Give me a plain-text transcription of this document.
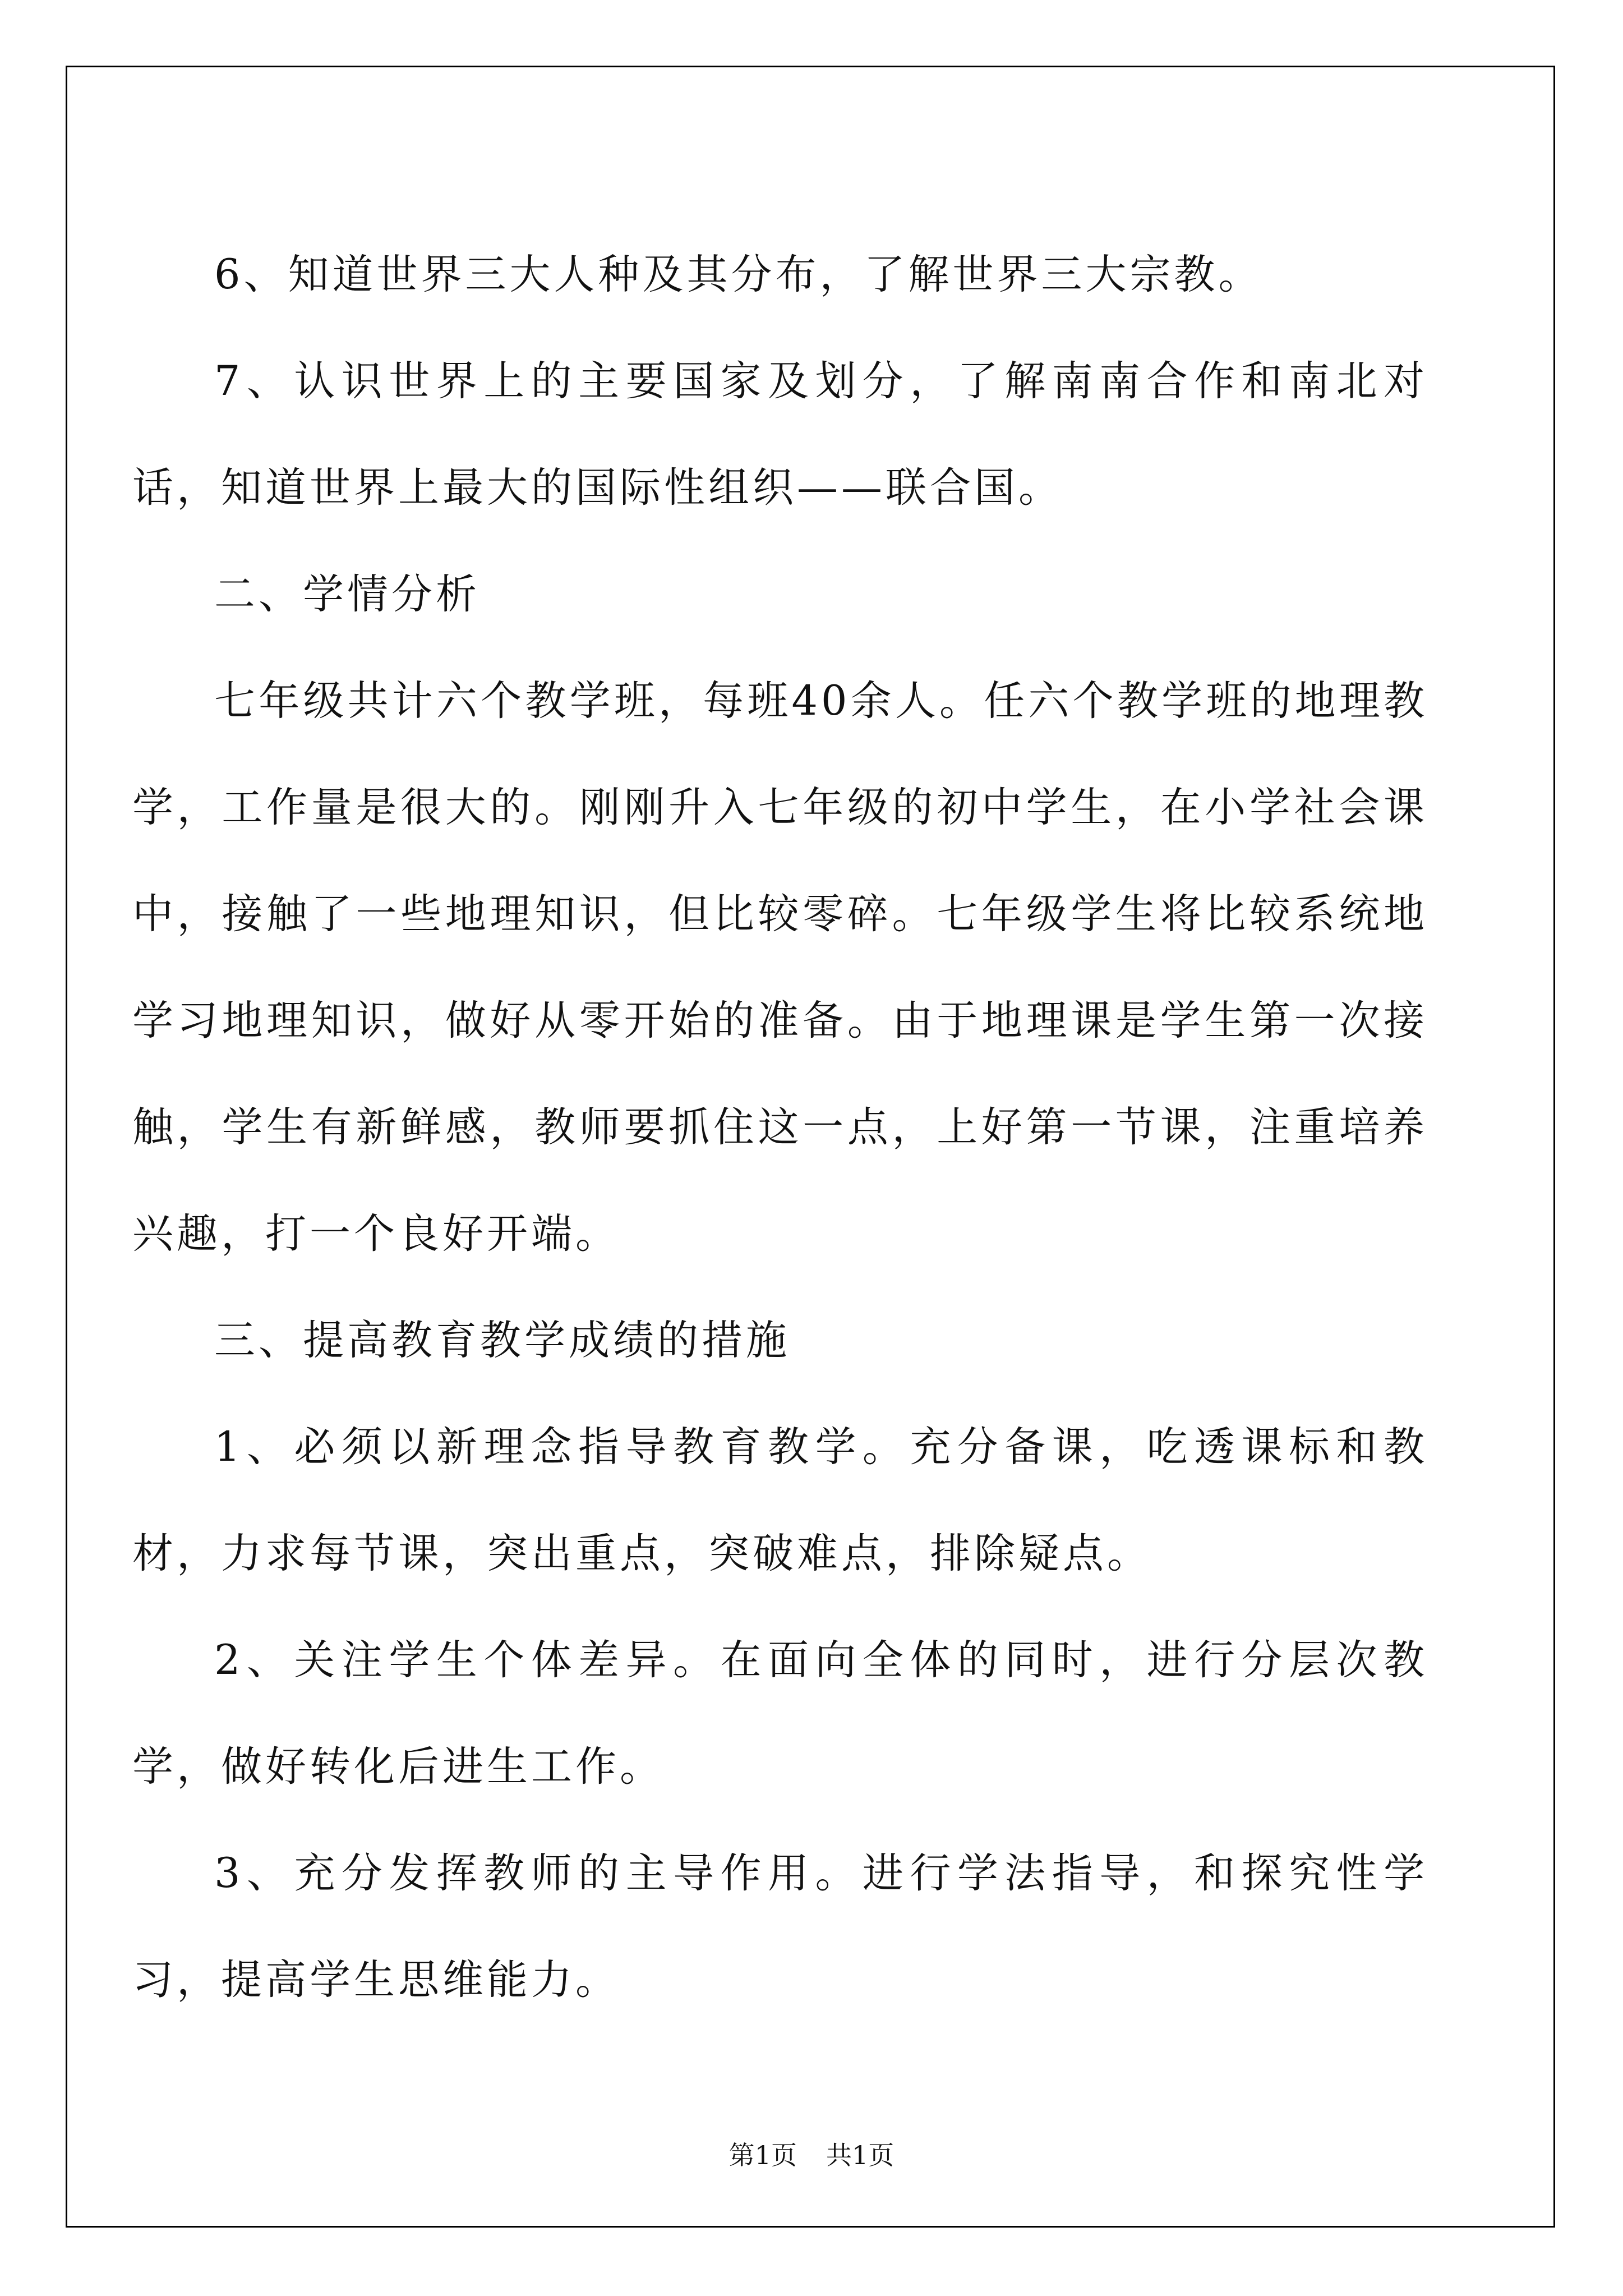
6、知道世界三大人种及其分布，了解世界三大宗教。

7、认识世界上的主要国家及划分，了解南南合作和南北对话，知道世界上最大的国际性组织——联合国。

二、学情分析

七年级共计六个教学班，每班40余人。任六个教学班的地理教学，工作量是很大的。刚刚升入七年级的初中学生，在小学社会课中，接触了一些地理知识，但比较零碎。七年级学生将比较系统地学习地理知识，做好从零开始的准备。由于地理课是学生第一次接触，学生有新鲜感，教师要抓住这一点，上好第一节课，注重培养兴趣，打一个良好开端。

三、提高教育教学成绩的措施

1、必须以新理念指导教育教学。充分备课，吃透课标和教材，力求每节课，突出重点，突破难点，排除疑点。

2、关注学生个体差异。在面向全体的同时，进行分层次教学，做好转化后进生工作。

3、充分发挥教师的主导作用。进行学法指导，和探究性学习，提高学生思维能力。

第1页 共1页
